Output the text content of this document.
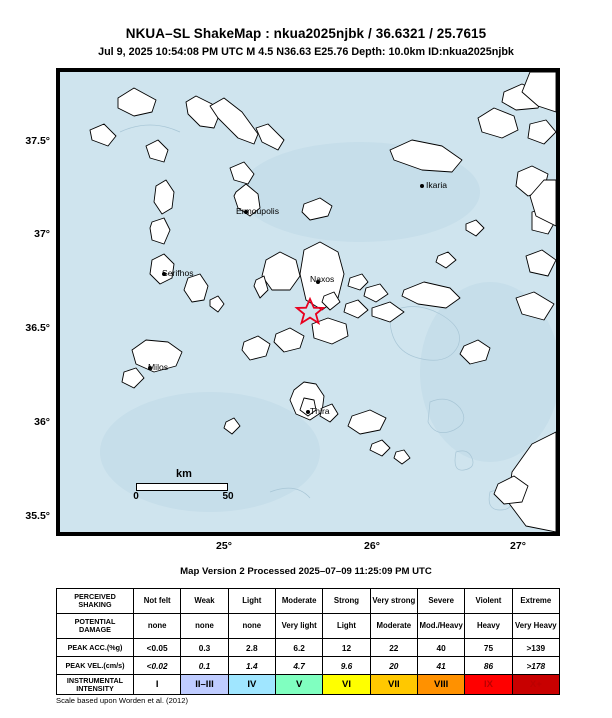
NKUA–SL ShakeMap : nkua2025njbk / 36.6321 / 25.7615
Jul 9, 2025 10:54:08 PM UTC M 4.5 N36.63 E25.76 Depth: 10.0km ID:nkua2025njbk
37.5°
37°
36.5°
36°
35.5°
25°	26°	27°
Ikaria
Ermoupolis
Serifhos
Naxos
Milos
Thira
km
0	50
Map Version 2 Processed 2025–07–09 11:25:09 PM UTC
PERCEIVED SHAKING	Not felt	Weak	Light	Moderate	Strong	Very strong	Severe	Violent	Extreme
POTENTIAL DAMAGE	none	none	none	Very light	Light	Moderate	Mod./Heavy	Heavy	Very Heavy
PEAK ACC.(%g)	<0.05	0.3	2.8	6.2	12	22	40	75	>139
PEAK VEL.(cm/s)	<0.02	0.1	1.4	4.7	9.6	20	41	86	>178
INSTRUMENTAL INTENSITY	I	II–III	IV	V	VI	VII	VIII	IX	X+
Scale based upon Worden et al. (2012)
